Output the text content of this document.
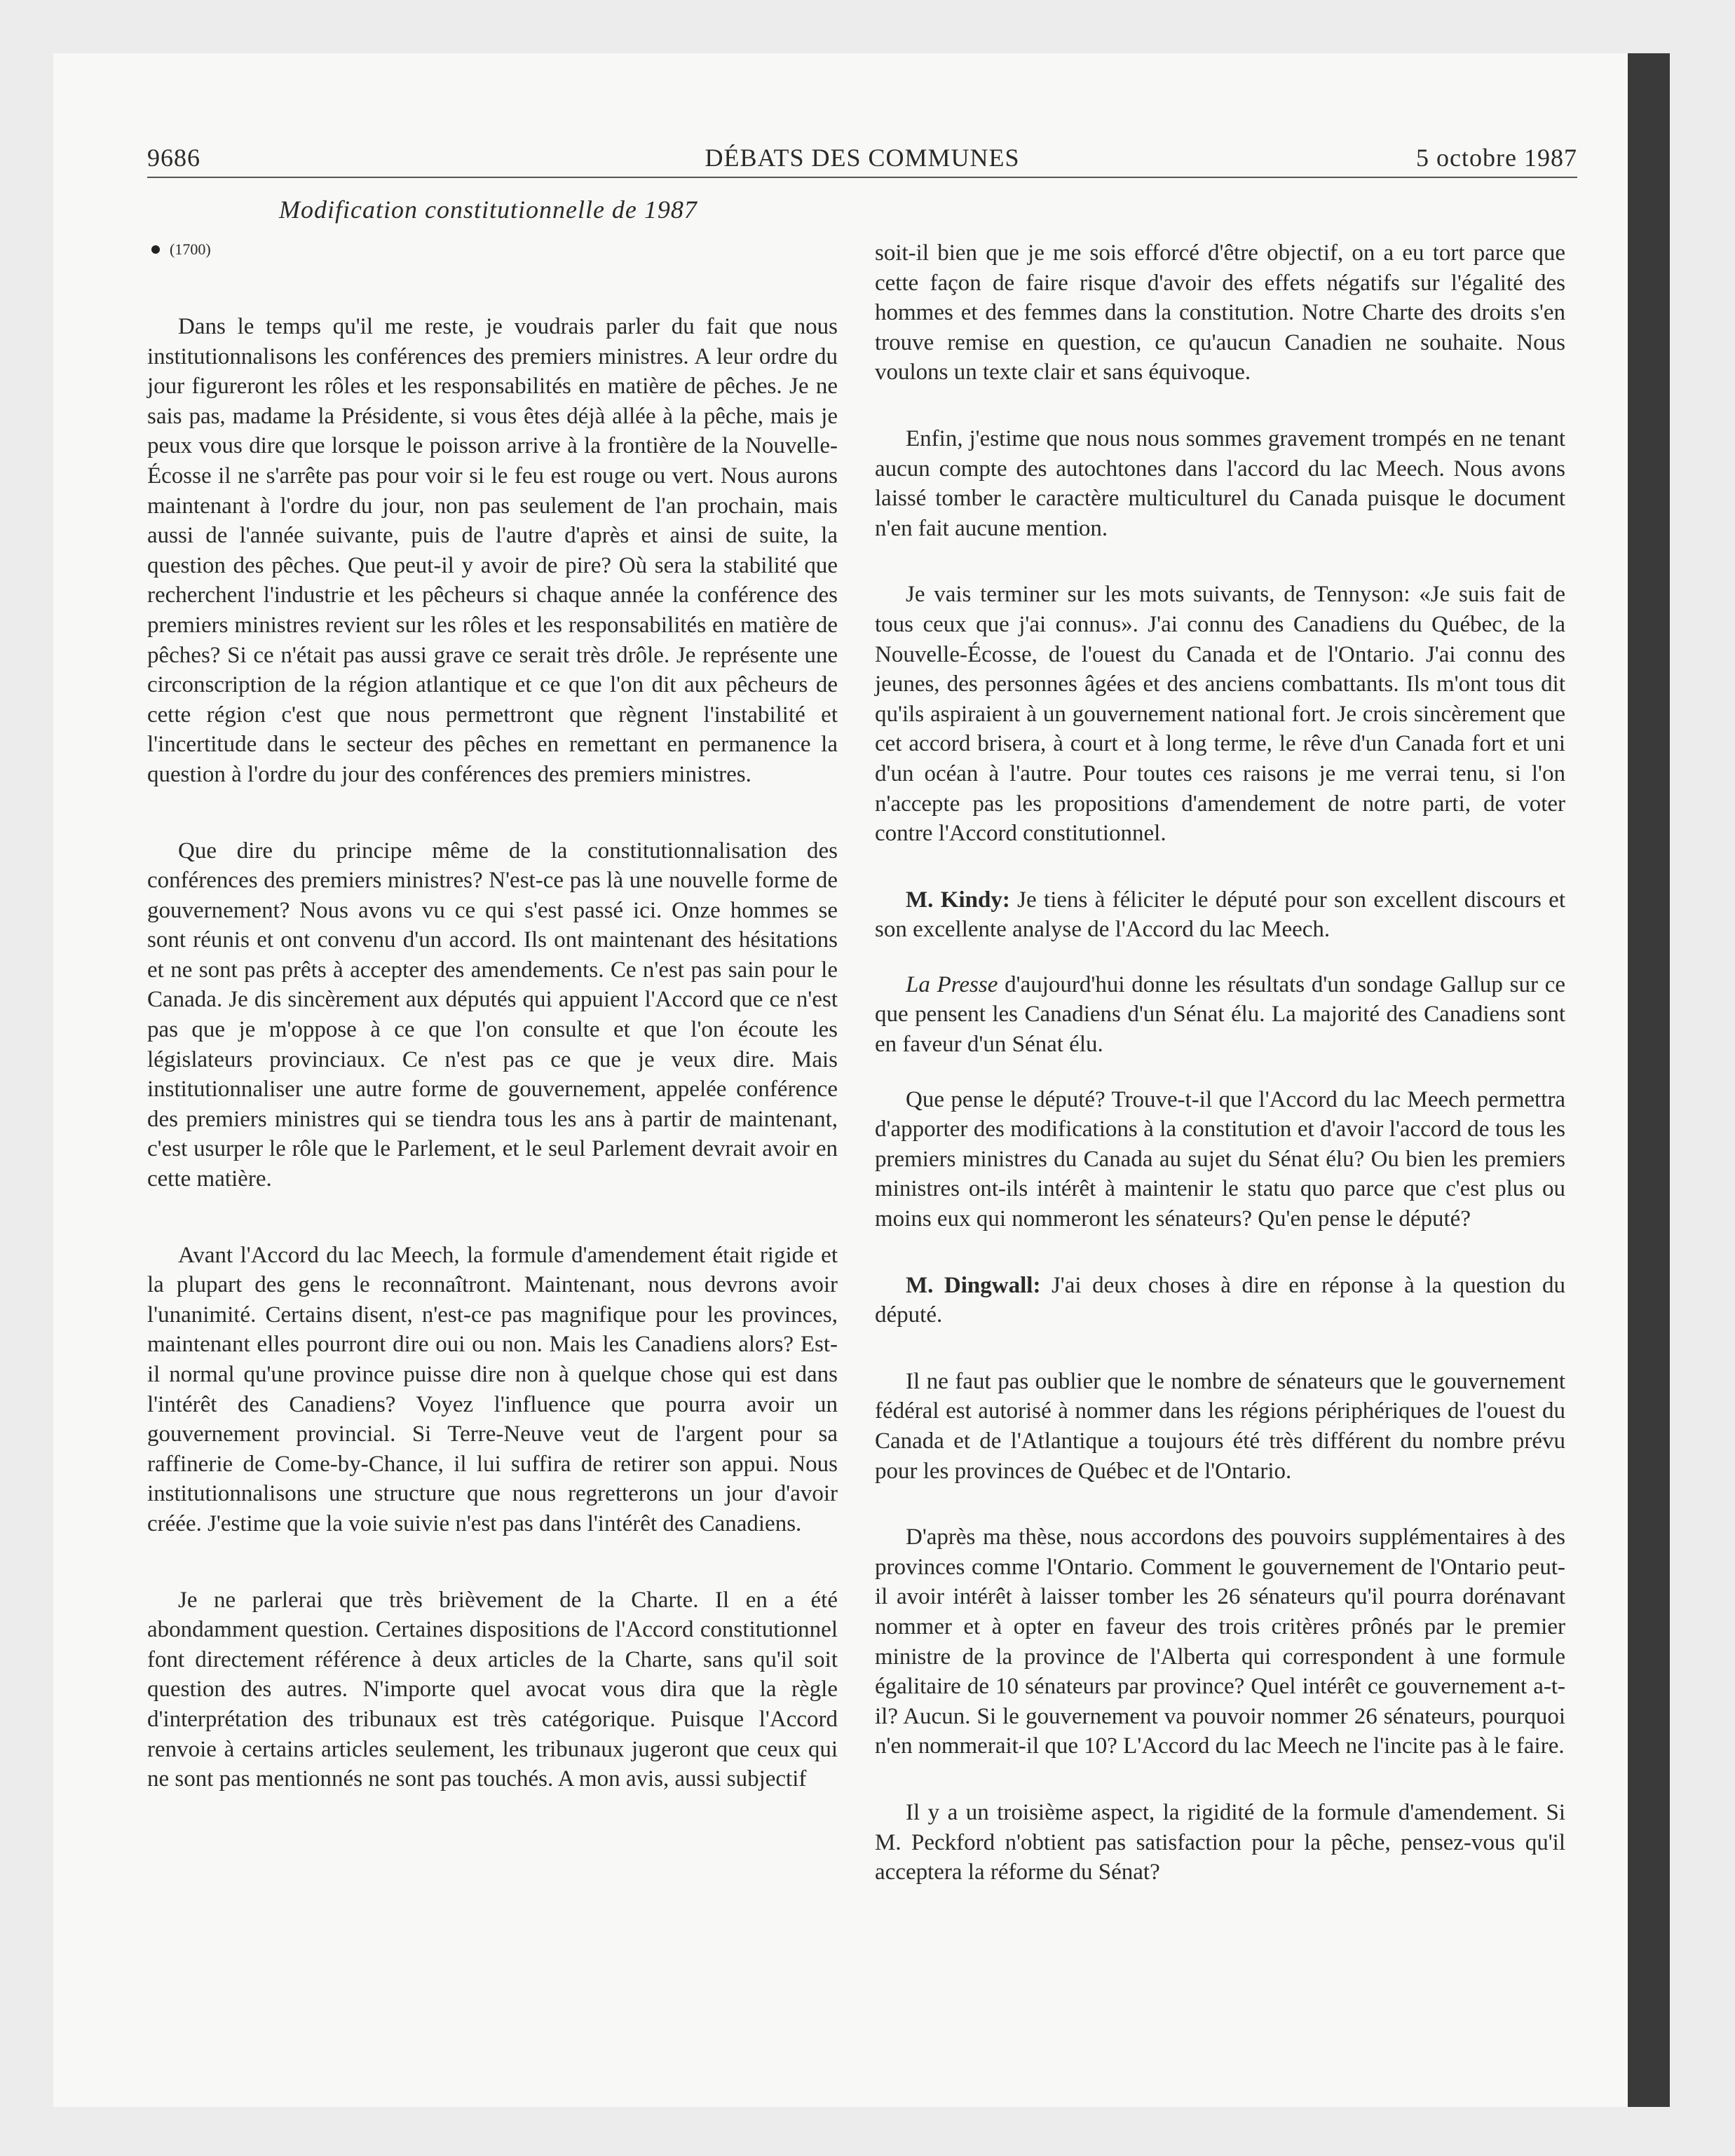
9686	DÉBATS DES COMMUNES	5 octobre 1987
Modification constitutionnelle de 1987
(1700)

Dans le temps qu'il me reste, je voudrais parler du fait que nous institutionnalisons les conférences des premiers ministres. A leur ordre du jour figureront les rôles et les responsabilités en matière de pêches. Je ne sais pas, madame la Présidente, si vous êtes déjà allée à la pêche, mais je peux vous dire que lorsque le poisson arrive à la frontière de la Nouvelle-Écosse il ne s'arrête pas pour voir si le feu est rouge ou vert. Nous aurons maintenant à l'ordre du jour, non pas seulement de l'an prochain, mais aussi de l'année suivante, puis de l'autre d'après et ainsi de suite, la question des pêches. Que peut-il y avoir de pire? Où sera la stabilité que recherchent l'industrie et les pêcheurs si chaque année la conférence des premiers ministres revient sur les rôles et les responsabilités en matière de pêches? Si ce n'était pas aussi grave ce serait très drôle. Je représente une circonscription de la région atlantique et ce que l'on dit aux pêcheurs de cette région c'est que nous permettront que règnent l'instabilité et l'incertitude dans le secteur des pêches en remettant en permanence la question à l'ordre du jour des conférences des premiers ministres.

Que dire du principe même de la constitutionnalisation des conférences des premiers ministres? N'est-ce pas là une nouvelle forme de gouvernement? Nous avons vu ce qui s'est passé ici. Onze hommes se sont réunis et ont convenu d'un accord. Ils ont maintenant des hésitations et ne sont pas prêts à accepter des amendements. Ce n'est pas sain pour le Canada. Je dis sincèrement aux députés qui appuient l'Accord que ce n'est pas que je m'oppose à ce que l'on consulte et que l'on écoute les législateurs provinciaux. Ce n'est pas ce que je veux dire. Mais institutionnaliser une autre forme de gouvernement, appelée conférence des premiers ministres qui se tiendra tous les ans à partir de maintenant, c'est usurper le rôle que le Parlement, et le seul Parlement devrait avoir en cette matière.

Avant l'Accord du lac Meech, la formule d'amendement était rigide et la plupart des gens le reconnaîtront. Maintenant, nous devrons avoir l'unanimité. Certains disent, n'est-ce pas magnifique pour les provinces, maintenant elles pourront dire oui ou non. Mais les Canadiens alors? Est-il normal qu'une province puisse dire non à quelque chose qui est dans l'intérêt des Canadiens? Voyez l'influence que pourra avoir un gouvernement provincial. Si Terre-Neuve veut de l'argent pour sa raffinerie de Come-by-Chance, il lui suffira de retirer son appui. Nous institutionnalisons une structure que nous regretterons un jour d'avoir créée. J'estime que la voie suivie n'est pas dans l'intérêt des Canadiens.

Je ne parlerai que très brièvement de la Charte. Il en a été abondamment question. Certaines dispositions de l'Accord constitutionnel font directement référence à deux articles de la Charte, sans qu'il soit question des autres. N'importe quel avocat vous dira que la règle d'interprétation des tribunaux est très catégorique. Puisque l'Accord renvoie à certains articles seulement, les tribunaux jugeront que ceux qui ne sont pas mentionnés ne sont pas touchés. A mon avis, aussi subjectif

soit-il bien que je me sois efforcé d'être objectif, on a eu tort parce que cette façon de faire risque d'avoir des effets négatifs sur l'égalité des hommes et des femmes dans la constitution. Notre Charte des droits s'en trouve remise en question, ce qu'aucun Canadien ne souhaite. Nous voulons un texte clair et sans équivoque.

Enfin, j'estime que nous nous sommes gravement trompés en ne tenant aucun compte des autochtones dans l'accord du lac Meech. Nous avons laissé tomber le caractère multiculturel du Canada puisque le document n'en fait aucune mention.

Je vais terminer sur les mots suivants, de Tennyson: «Je suis fait de tous ceux que j'ai connus». J'ai connu des Canadiens du Québec, de la Nouvelle-Écosse, de l'ouest du Canada et de l'Ontario. J'ai connu des jeunes, des personnes âgées et des anciens combattants. Ils m'ont tous dit qu'ils aspiraient à un gouvernement national fort. Je crois sincèrement que cet accord brisera, à court et à long terme, le rêve d'un Canada fort et uni d'un océan à l'autre. Pour toutes ces raisons je me verrai tenu, si l'on n'accepte pas les propositions d'amendement de notre parti, de voter contre l'Accord constitutionnel.

M. Kindy: Je tiens à féliciter le député pour son excellent discours et son excellente analyse de l'Accord du lac Meech.

La Presse d'aujourd'hui donne les résultats d'un sondage Gallup sur ce que pensent les Canadiens d'un Sénat élu. La majorité des Canadiens sont en faveur d'un Sénat élu.

Que pense le député? Trouve-t-il que l'Accord du lac Meech permettra d'apporter des modifications à la constitution et d'avoir l'accord de tous les premiers ministres du Canada au sujet du Sénat élu? Ou bien les premiers ministres ont-ils intérêt à maintenir le statu quo parce que c'est plus ou moins eux qui nommeront les sénateurs? Qu'en pense le député?

M. Dingwall: J'ai deux choses à dire en réponse à la question du député.

Il ne faut pas oublier que le nombre de sénateurs que le gouvernement fédéral est autorisé à nommer dans les régions périphériques de l'ouest du Canada et de l'Atlantique a toujours été très différent du nombre prévu pour les provinces de Québec et de l'Ontario.

D'après ma thèse, nous accordons des pouvoirs supplémentaires à des provinces comme l'Ontario. Comment le gouvernement de l'Ontario peut-il avoir intérêt à laisser tomber les 26 sénateurs qu'il pourra dorénavant nommer et à opter en faveur des trois critères prônés par le premier ministre de la province de l'Alberta qui correspondent à une formule égalitaire de 10 sénateurs par province? Quel intérêt ce gouvernement a-t-il? Aucun. Si le gouvernement va pouvoir nommer 26 sénateurs, pourquoi n'en nommerait-il que 10? L'Accord du lac Meech ne l'incite pas à le faire.

Il y a un troisième aspect, la rigidité de la formule d'amendement. Si M. Peckford n'obtient pas satisfaction pour la pêche, pensez-vous qu'il acceptera la réforme du Sénat?
